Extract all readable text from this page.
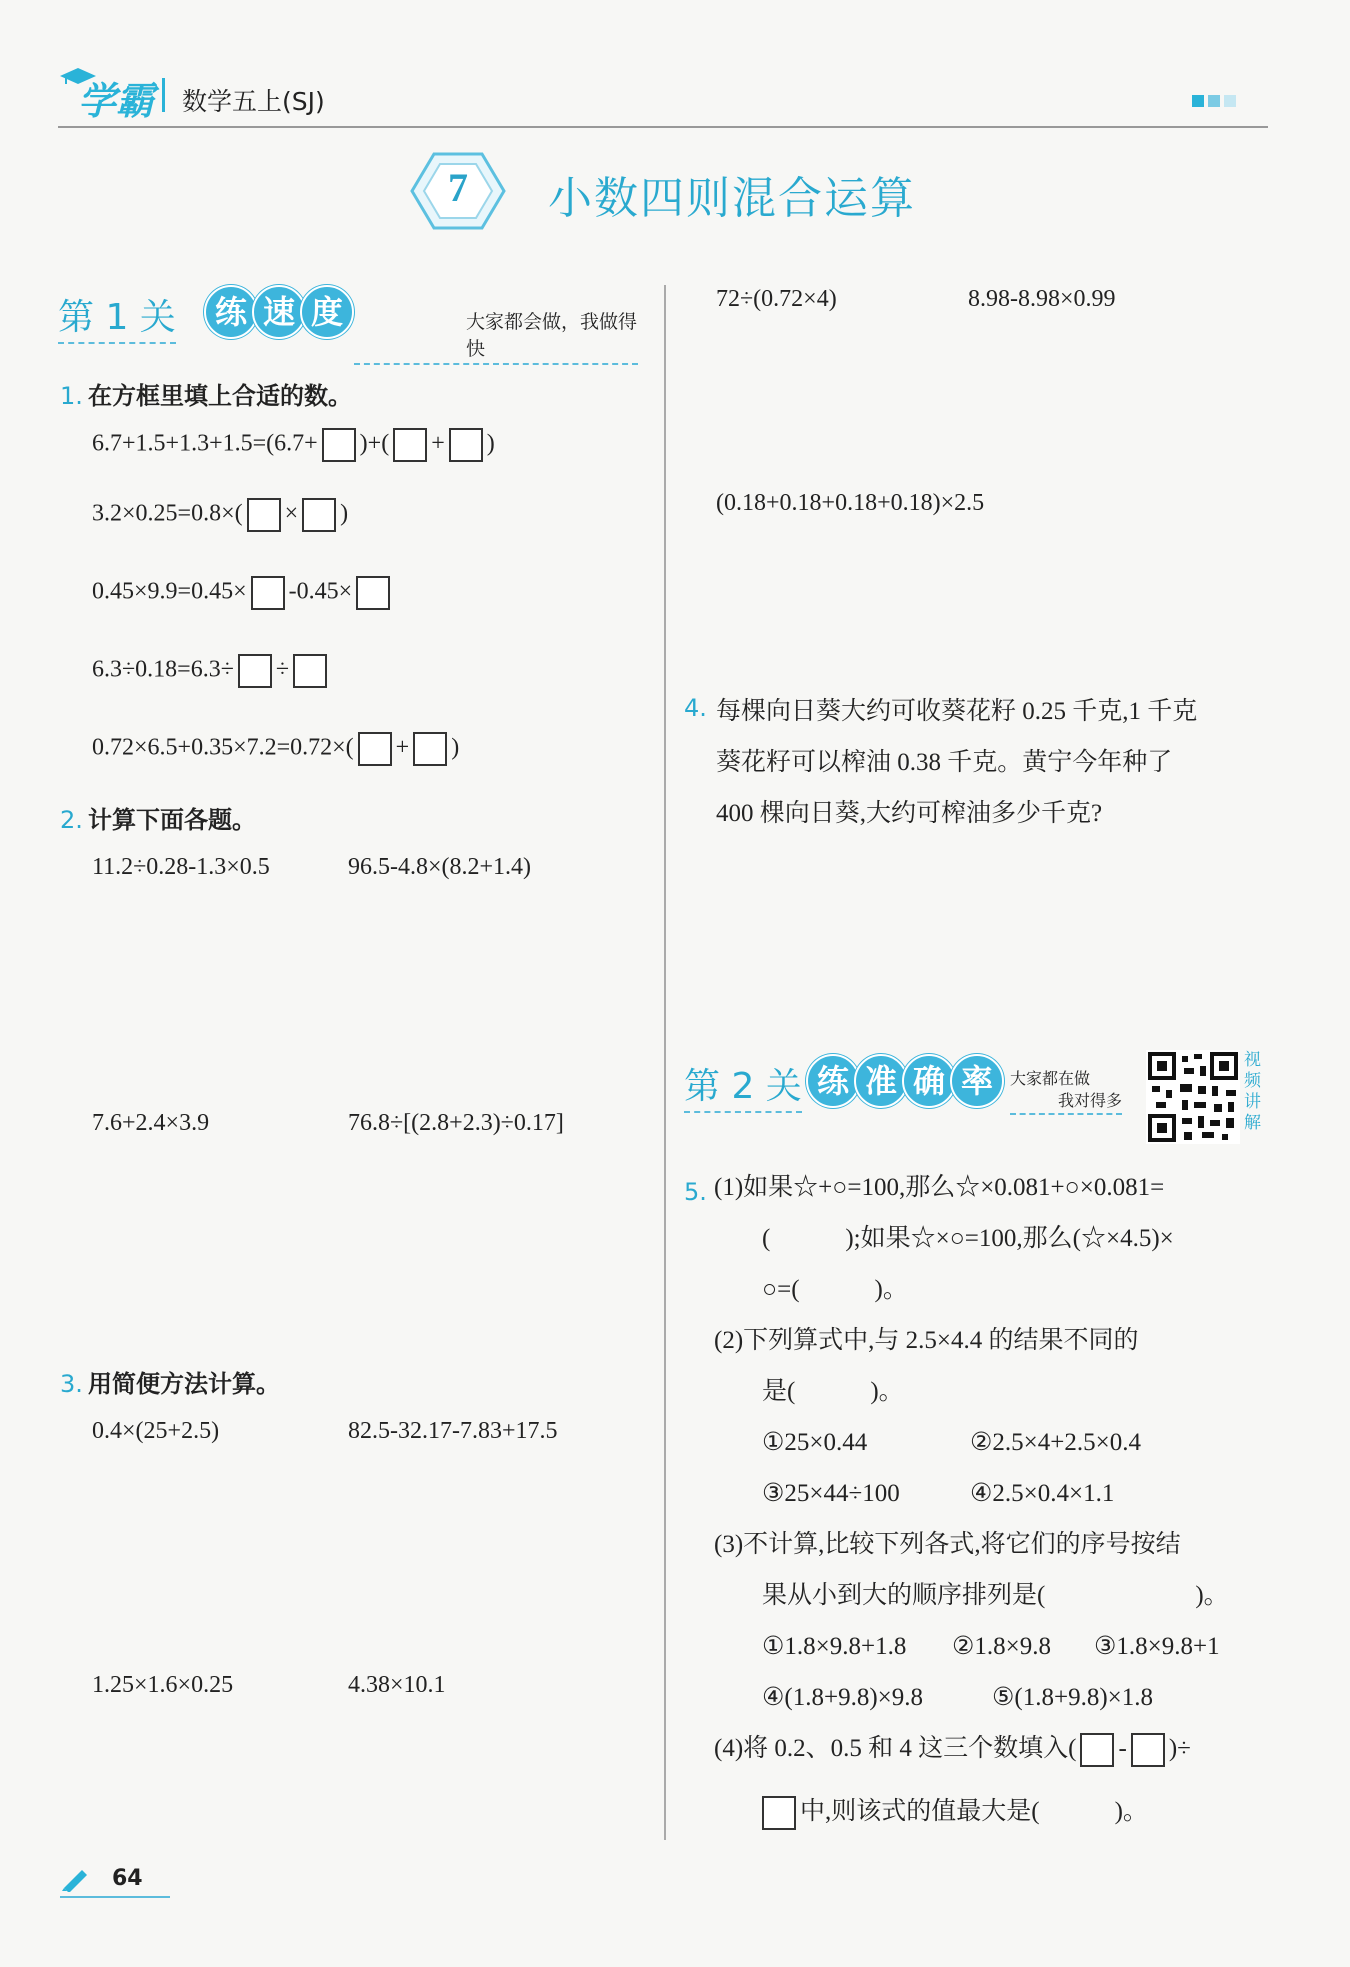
学霸 数学五上(SJ)
7	小数四则混合运算
第 1 关	练 速 度	大家都会做，我做得快
1. 在方框里填上合适的数。
6.7+1.5+1.3+1.5=(6.7+ )+( + )
3.2×0.25=0.8×( × )
0.45×9.9=0.45× -0.45×
6.3÷0.18=6.3÷ ÷
0.72×6.5+0.35×7.2=0.72×( + )
2. 计算下面各题。
11.2÷0.28-1.3×0.5	96.5-4.8×(8.2+1.4)
7.6+2.4×3.9	76.8÷[(2.8+2.3)÷0.17]
3. 用简便方法计算。
0.4×(25+2.5)	82.5-32.17-7.83+17.5
1.25×1.6×0.25	4.38×10.1
72÷(0.72×4)	8.98-8.98×0.99
(0.18+0.18+0.18+0.18)×2.5
4. 每棵向日葵大约可收葵花籽 0.25 千克,1 千克
葵花籽可以榨油 0.38 千克。黄宁今年种了
400 棵向日葵,大约可榨油多少千克?
第 2 关 练 准 确 率	大家都在做
我对得多
视
频
讲
解
5. (1)如果☆+○=100,那么☆×0.081+○×0.081=
(　　　);如果☆×○=100,那么(☆×4.5)×
○=(　　　)。
(2)下列算式中,与 2.5×4.4 的结果不同的
是(　　　)。
①25×0.44	②2.5×4+2.5×0.4
③25×44÷100	④2.5×0.4×1.1
(3)不计算,比较下列各式,将它们的序号按结
果从小到大的顺序排列是(　　　　　　)。
①1.8×9.8+1.8 ②1.8×9.8 ③1.8×9.8+1
④(1.8+9.8)×9.8	⑤(1.8+9.8)×1.8
(4)将 0.2、0.5 和 4 这三个数填入( - )÷
中,则该式的值最大是(　　　)。
64
